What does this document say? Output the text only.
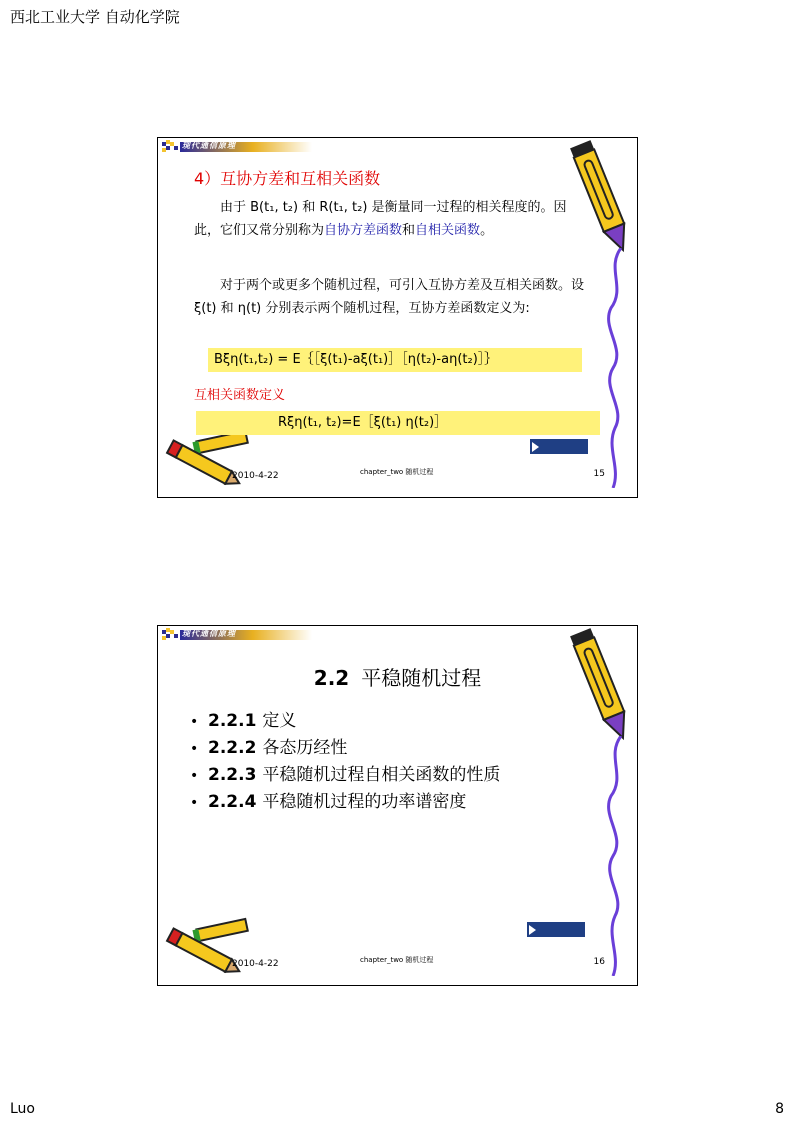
西北工业大学 自动化学院
现代通信原理
4）互协方差和互相关函数
由于 B(t₁, t₂) 和 R(t₁, t₂) 是衡量同一过程的相关程度的。因此，它们又常分别称为自协方差函数和自相关函数。
对于两个或更多个随机过程，可引入互协方差及互相关函数。设 ξ(t) 和 η(t) 分别表示两个随机过程，互协方差函数定义为:
Bξη(t₁,t₂) = E｛［ξ(t₁)-aξ(t₁)］［η(t₂)-aη(t₂)］｝
互相关函数定义
Rξη(t₁, t₂)=E［ξ(t₁) η(t₂)］
2010-4-22	chapter_two 随机过程	15
现代通信原理
2.2 平稳随机过程
• 2.2.1 定义
• 2.2.2 各态历经性
• 2.2.3 平稳随机过程自相关函数的性质
• 2.2.4 平稳随机过程的功率谱密度
2010-4-22	chapter_two 随机过程	16
Luo	8
